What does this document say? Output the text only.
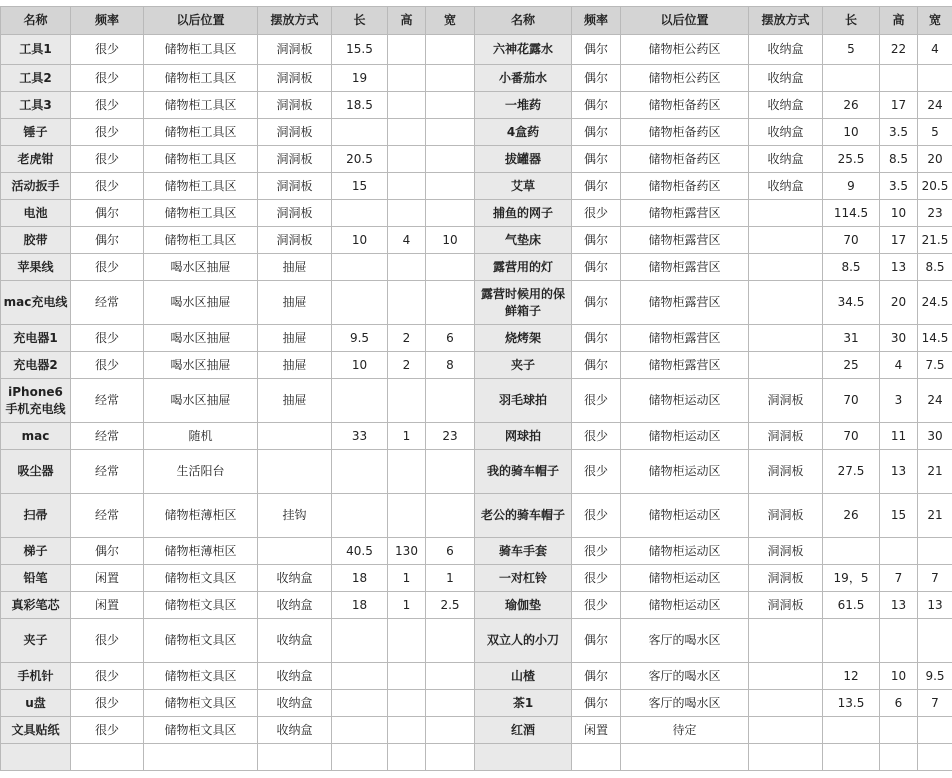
名称	频率	以后位置	摆放方式	长	高	宽	名称	频率	以后位置	摆放方式	长	高	宽
工具1	很少	储物柜工具区	洞洞板	15.5			六神花露水	偶尔	储物柜公药区	收纳盒	5	22	4
工具2	很少	储物柜工具区	洞洞板	19			小番茄水	偶尔	储物柜公药区	收纳盒			
工具3	很少	储物柜工具区	洞洞板	18.5			一堆药	偶尔	储物柜备药区	收纳盒	26	17	24
锤子	很少	储物柜工具区	洞洞板				4盒药	偶尔	储物柜备药区	收纳盒	10	3.5	5
老虎钳	很少	储物柜工具区	洞洞板	20.5			拔罐器	偶尔	储物柜备药区	收纳盒	25.5	8.5	20
活动扳手	很少	储物柜工具区	洞洞板	15			艾草	偶尔	储物柜备药区	收纳盒	9	3.5	20.5
电池	偶尔	储物柜工具区	洞洞板				捕鱼的网子	很少	储物柜露营区		114.5	10	23
胶带	偶尔	储物柜工具区	洞洞板	10	4	10	气垫床	偶尔	储物柜露营区		70	17	21.5
苹果线	很少	喝水区抽屉	抽屉				露营用的灯	偶尔	储物柜露营区		8.5	13	8.5
mac充电线	经常	喝水区抽屉	抽屉				露营时候用的保鲜箱子	偶尔	储物柜露营区		34.5	20	24.5
充电器1	很少	喝水区抽屉	抽屉	9.5	2	6	烧烤架	偶尔	储物柜露营区		31	30	14.5
充电器2	很少	喝水区抽屉	抽屉	10	2	8	夹子	偶尔	储物柜露营区		25	4	7.5
iPhone6手机充电线	经常	喝水区抽屉	抽屉				羽毛球拍	很少	储物柜运动区	洞洞板	70	3	24
mac	经常	随机		33	1	23	网球拍	很少	储物柜运动区	洞洞板	70	11	30
吸尘器	经常	生活阳台					我的骑车帽子	很少	储物柜运动区	洞洞板	27.5	13	21
扫帚	经常	储物柜薄柜区	挂钩				老公的骑车帽子	很少	储物柜运动区	洞洞板	26	15	21
梯子	偶尔	储物柜薄柜区		40.5	130	6	骑车手套	很少	储物柜运动区	洞洞板			
铅笔	闲置	储物柜文具区	收纳盒	18	1	1	一对杠铃	很少	储物柜运动区	洞洞板	19，5	7	7
真彩笔芯	闲置	储物柜文具区	收纳盒	18	1	2.5	瑜伽垫	很少	储物柜运动区	洞洞板	61.5	13	13
夹子	很少	储物柜文具区	收纳盒				双立人的小刀	偶尔	客厅的喝水区				
手机针	很少	储物柜文具区	收纳盒				山楂	偶尔	客厅的喝水区		12	10	9.5
u盘	很少	储物柜文具区	收纳盒				茶1	偶尔	客厅的喝水区		13.5	6	7
文具贴纸	很少	储物柜文具区	收纳盒				红酒	闲置	待定				
